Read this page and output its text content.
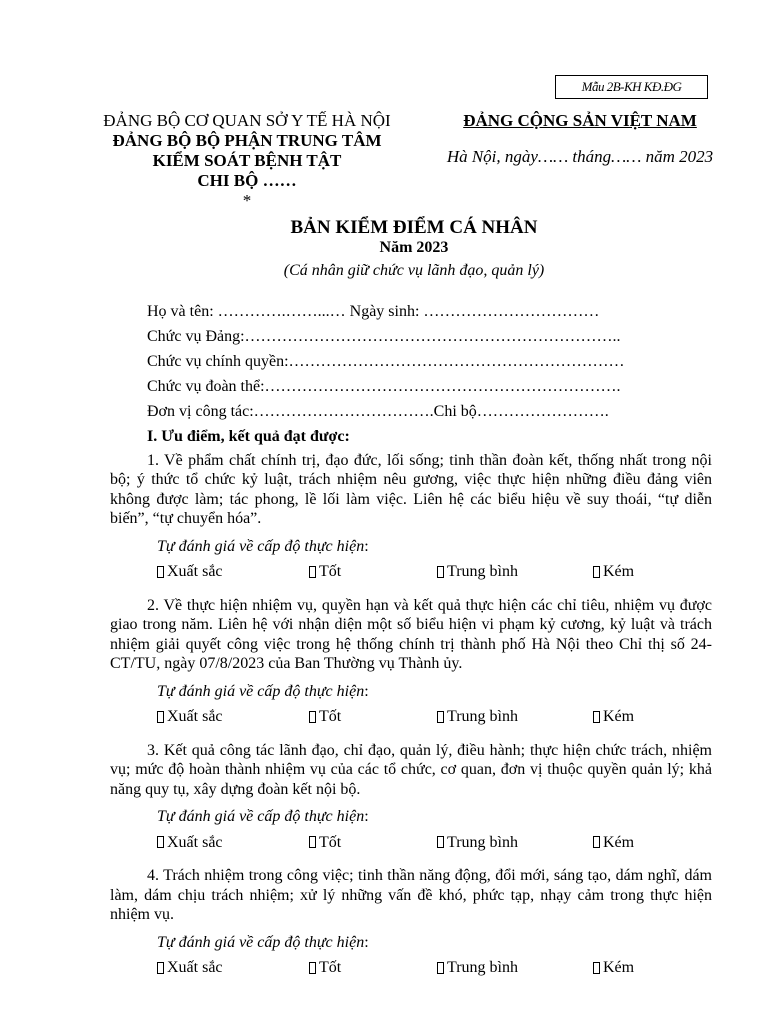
Mẫu 2B-KH KĐ.ĐG
ĐẢNG BỘ CƠ QUAN SỞ Y TẾ HÀ NỘI
ĐẢNG BỘ BỘ PHẬN TRUNG TÂM
KIỂM SOÁT BỆNH TẬT
CHI BỘ ……
*
ĐẢNG CỘNG SẢN VIỆT NAM
Hà Nội, ngày…… tháng…… năm 2023
BẢN KIỂM ĐIỂM CÁ NHÂN
Năm 2023
(Cá nhân giữ chức vụ lãnh đạo, quản lý)
Họ và tên: ………….……...… Ngày sinh: ……………………………
Chức vụ Đảng:……………………………………………………………..
Chức vụ chính quyền:………………………………………………………
Chức vụ đoàn thể:………………………………………………………….
Đơn vị công tác:…………………………….Chi bộ…………………….
I. Ưu điểm, kết quả đạt được:

1. Về phẩm chất chính trị, đạo đức, lối sống; tinh thần đoàn kết, thống nhất trong nội bộ; ý thức tổ chức kỷ luật, trách nhiệm nêu gương, việc thực hiện những điều đảng viên không được làm; tác phong, lề lối làm việc. Liên hệ các biểu hiệu về suy thoái, “tự diễn biến”, “tự chuyển hóa”.

Tự đánh giá về cấp độ thực hiện:
Xuất sắc	Tốt	Trung bình	Kém

2. Về thực hiện nhiệm vụ, quyền hạn và kết quả thực hiện các chỉ tiêu, nhiệm vụ được giao trong năm. Liên hệ với nhận diện một số biểu hiện vi phạm kỷ cương, kỷ luật và trách nhiệm giải quyết công việc trong hệ thống chính trị thành phố Hà Nội theo Chỉ thị số 24-CT/TU, ngày 07/8/2023 của Ban Thường vụ Thành ủy.

Tự đánh giá về cấp độ thực hiện:
Xuất sắc	Tốt	Trung bình	Kém

3. Kết quả công tác lãnh đạo, chỉ đạo, quản lý, điều hành; thực hiện chức trách, nhiệm vụ; mức độ hoàn thành nhiệm vụ của các tổ chức, cơ quan, đơn vị thuộc quyền quản lý; khả năng quy tụ, xây dựng đoàn kết nội bộ.

Tự đánh giá về cấp độ thực hiện:
Xuất sắc	Tốt	Trung bình	Kém

4. Trách nhiệm trong công việc; tinh thần năng động, đổi mới, sáng tạo, dám nghĩ, dám làm, dám chịu trách nhiệm; xử lý những vấn đề khó, phức tạp, nhạy cảm trong thực hiện nhiệm vụ.

Tự đánh giá về cấp độ thực hiện:
Xuất sắc	Tốt	Trung bình	Kém
